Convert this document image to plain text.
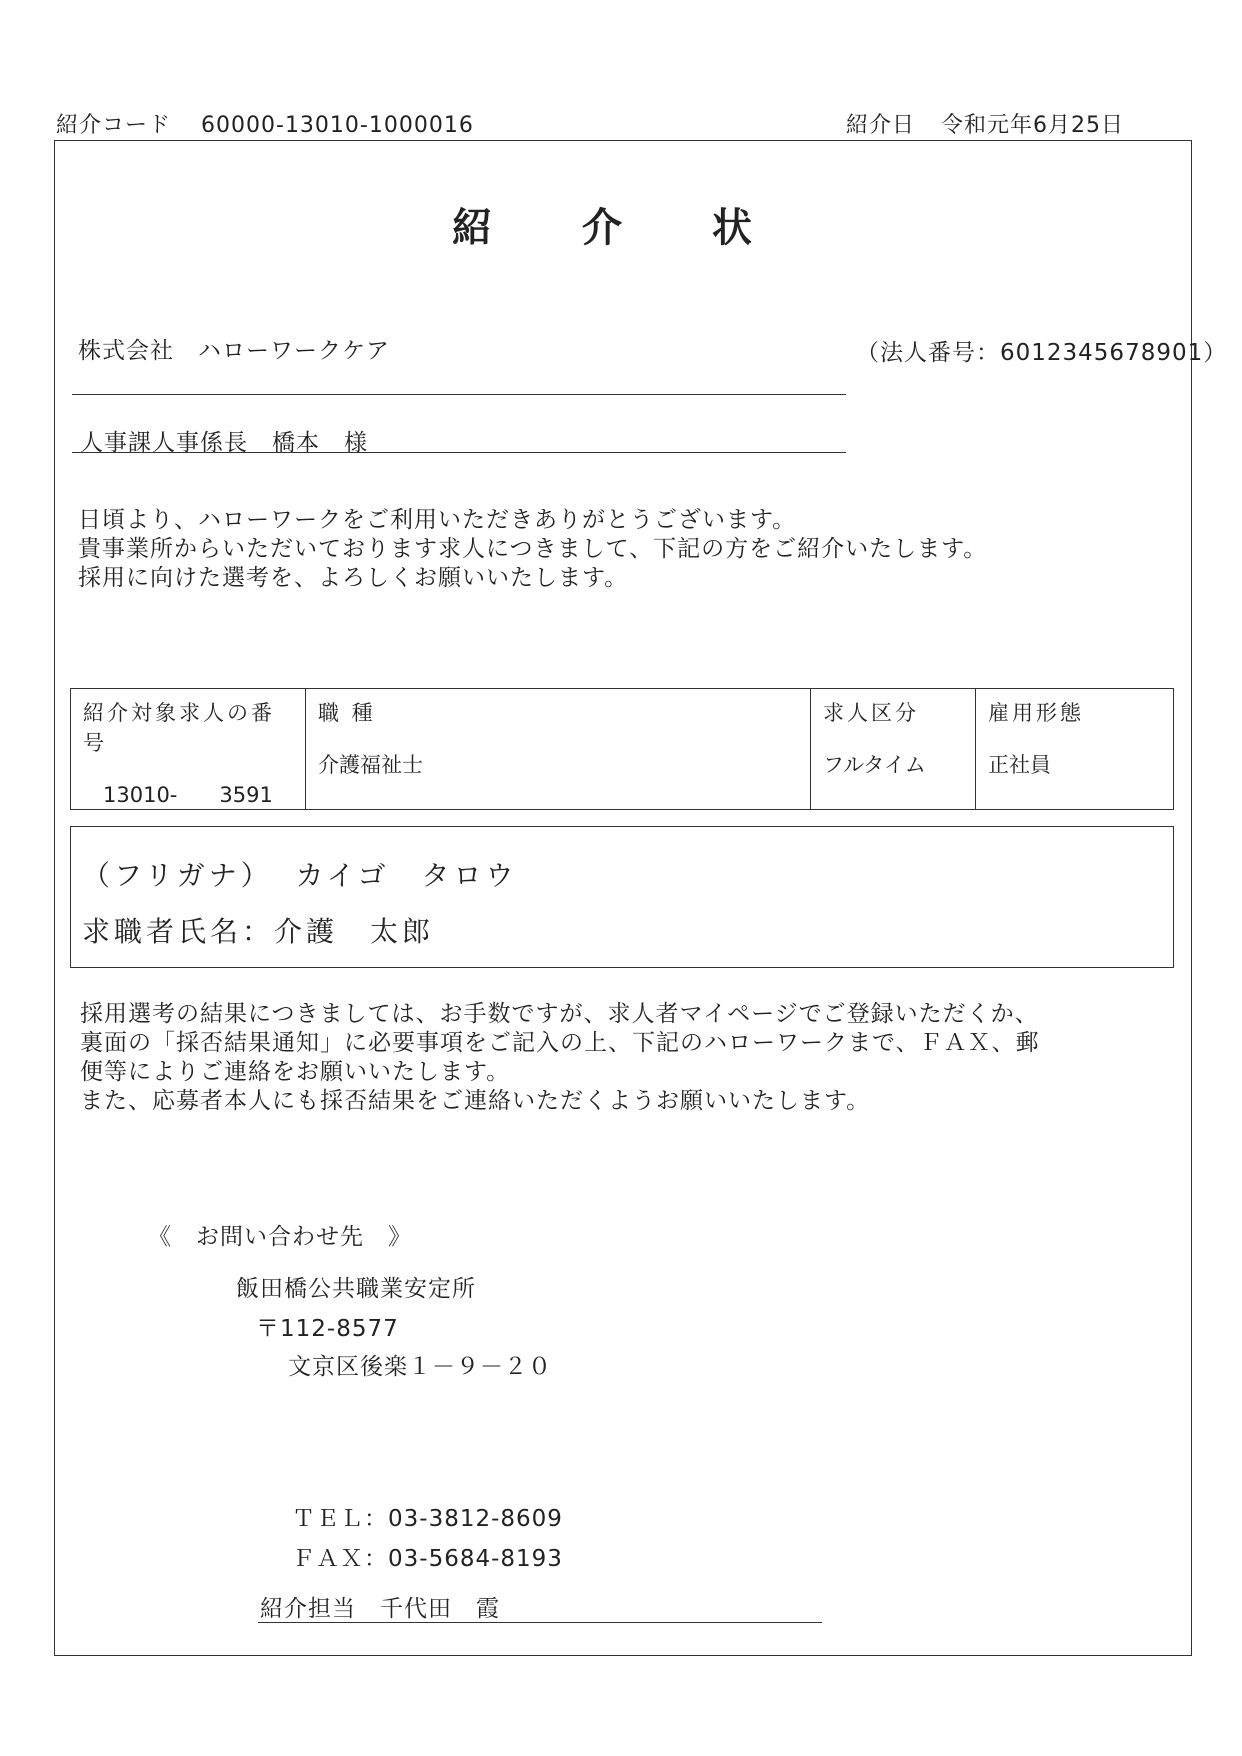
紹介コード 60000-13010-1000016	紹介日 令和元年6月25日
紹 介 状
株式会社　ハローワークケア	（法人番号：6012345678901）
人事課人事係長　橋本　様
日頃より、ハローワークをご利用いただきありがとうございます。
貴事業所からいただいております求人につきまして、下記の方をご紹介いたします。
採用に向けた選考を、よろしくお願いいたします。
紹介対象求人の番号
13010-　　3591
	職 種
介護福祉士
	求人区分
フルタイム
	雇用形態
正社員
（フリガナ） カイゴ　タロウ
求職者氏名：介護　太郎
採用選考の結果につきましては、お手数ですが、求人者マイページでご登録いただくか、
裏面の「採否結果通知」に必要事項をご記入の上、下記のハローワークまで、ＦＡＸ、郵
便等によりご連絡をお願いいたします。
また、応募者本人にも採否結果をご連絡いただくようお願いいたします。
《　お問い合わせ先　》
飯田橋公共職業安定所
〒112-8577
文京区後楽１－９－２０
ＴＥＬ：03-3812-8609
ＦＡＸ：03-5684-8193
紹介担当　千代田　霞
